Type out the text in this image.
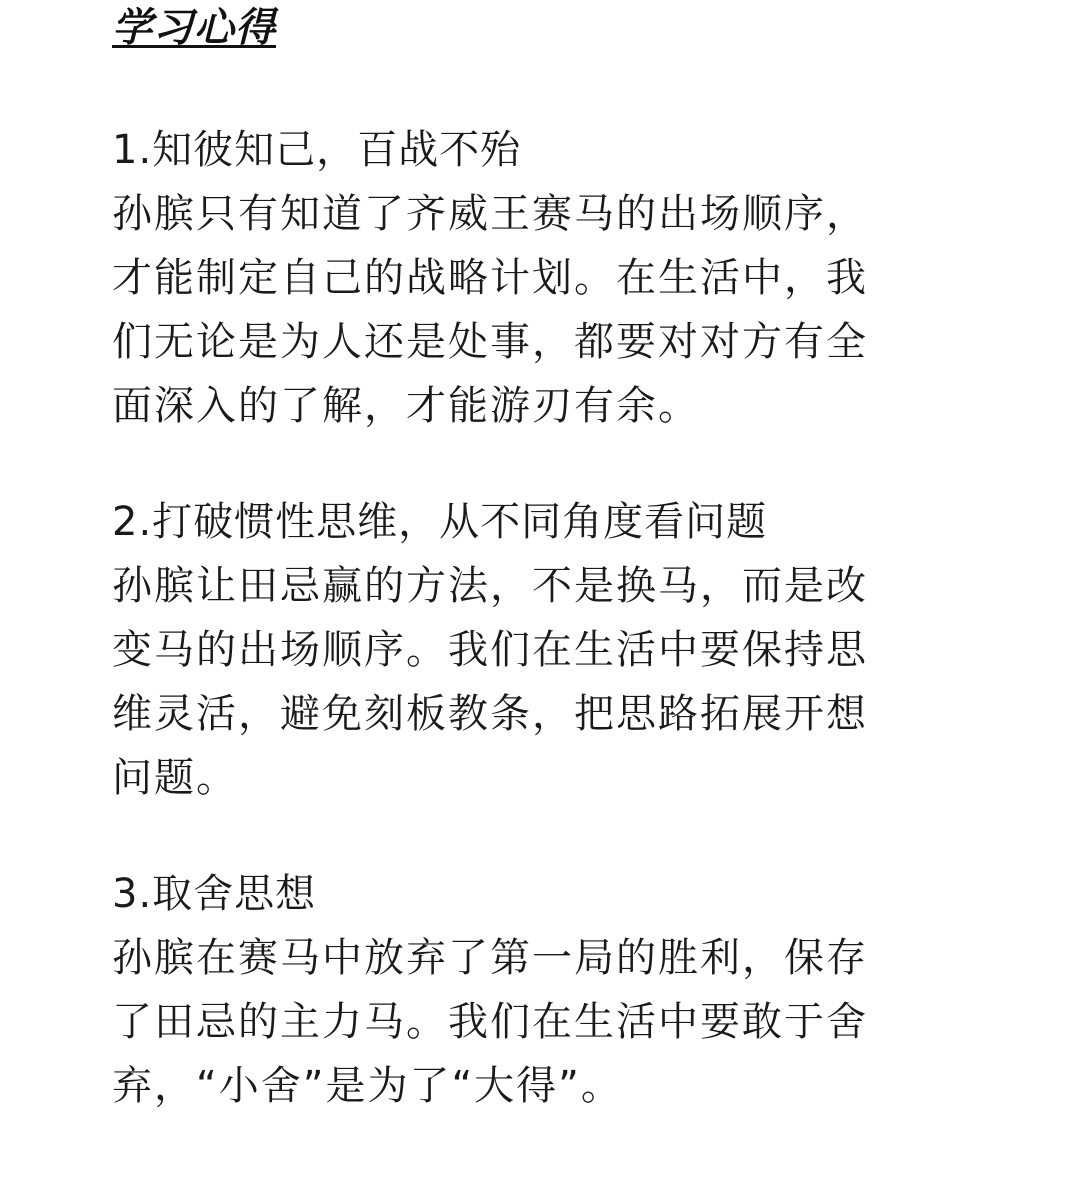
学习心得
1.知彼知己，百战不殆
孙膑只有知道了齐威王赛马的出场顺序，
才能制定自己的战略计划。在生活中，我
们无论是为人还是处事，都要对对方有全
面深入的了解，才能游刃有余。
2.打破惯性思维，从不同角度看问题
孙膑让田忌赢的方法，不是换马，而是改
变马的出场顺序。我们在生活中要保持思
维灵活，避免刻板教条，把思路拓展开想
问题。
3.取舍思想
孙膑在赛马中放弃了第一局的胜利，保存
了田忌的主力马。我们在生活中要敢于舍
弃，“小舍”是为了“大得”。
